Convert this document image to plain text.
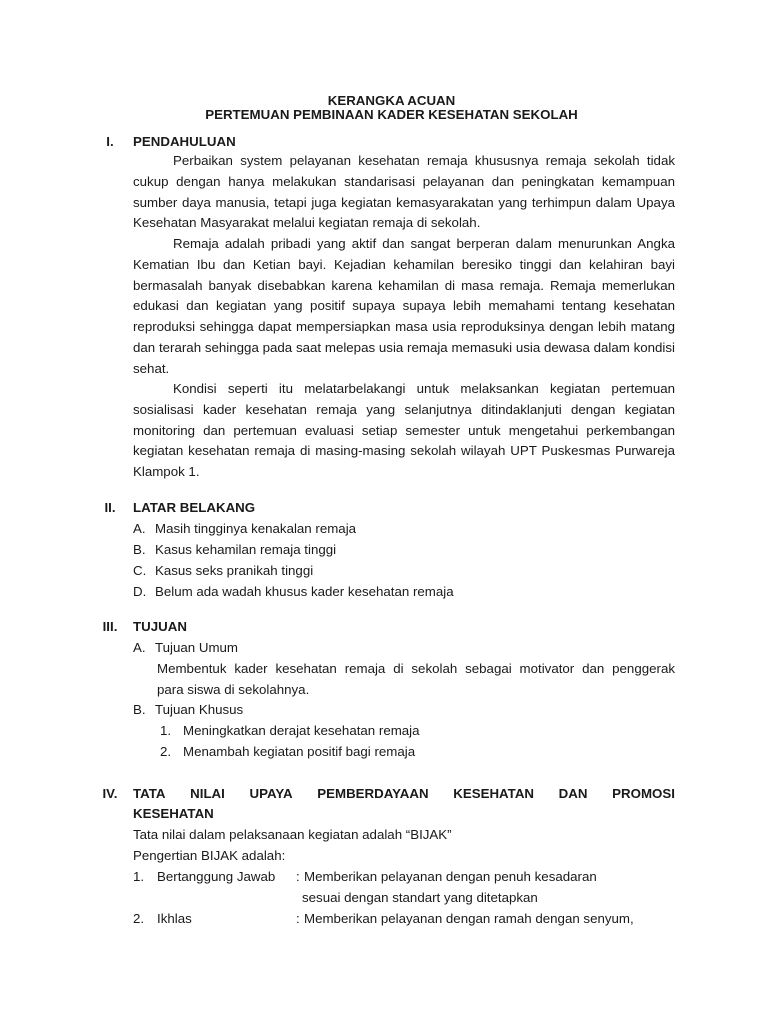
KERANGKA ACUAN
PERTEMUAN PEMBINAAN KADER KESEHATAN SEKOLAH
I.	PENDAHULUAN

Perbaikan system pelayanan kesehatan remaja khususnya remaja sekolah tidak cukup dengan hanya melakukan standarisasi pelayanan dan peningkatan kemampuan sumber daya manusia, tetapi juga kegiatan kemasyarakatan yang terhimpun dalam Upaya Kesehatan Masyarakat melalui kegiatan remaja di sekolah.

Remaja adalah pribadi yang aktif dan sangat berperan dalam menurunkan Angka Kematian Ibu dan Ketian bayi. Kejadian kehamilan beresiko tinggi dan kelahiran bayi bermasalah banyak disebabkan karena kehamilan di masa remaja. Remaja memerlukan edukasi dan kegiatan yang positif supaya supaya lebih memahami tentang kesehatan reproduksi sehingga dapat mempersiapkan masa usia reproduksinya dengan lebih matang dan terarah sehingga pada saat melepas usia remaja memasuki usia dewasa dalam kondisi sehat.

Kondisi seperti itu melatarbelakangi untuk melaksankan kegiatan pertemuan sosialisasi kader kesehatan remaja yang selanjutnya ditindaklanjuti dengan kegiatan monitoring dan pertemuan evaluasi setiap semester untuk mengetahui perkembangan kegiatan kesehatan remaja di masing-masing sekolah wilayah UPT Puskesmas Purwareja Klampok 1.

II.	LATAR BELAKANG
A. Masih tingginya kenakalan remaja
B. Kasus kehamilan remaja tinggi
C. Kasus seks pranikah tinggi
D. Belum ada wadah khusus kader kesehatan remaja
III.	TUJUAN
A. Tujuan Umum
Membentuk kader kesehatan remaja di sekolah sebagai motivator dan penggerak
para siswa di sekolahnya.
B. Tujuan Khusus
1. Meningkatkan derajat kesehatan remaja
2. Menambah kegiatan positif bagi remaja
IV.	TATA NILAI UPAYA PEMBERDAYAAN KESEHATAN DAN PROMOSI
KESEHATAN
Tata nilai dalam pelaksanaan kegiatan adalah “BIJAK”
Pengertian BIJAK adalah:
1. Bertanggung Jawab : Memberikan pelayanan dengan penuh kesadaran
sesuai dengan standart yang ditetapkan
2. Ikhlas	: Memberikan pelayanan dengan ramah dengan senyum,
